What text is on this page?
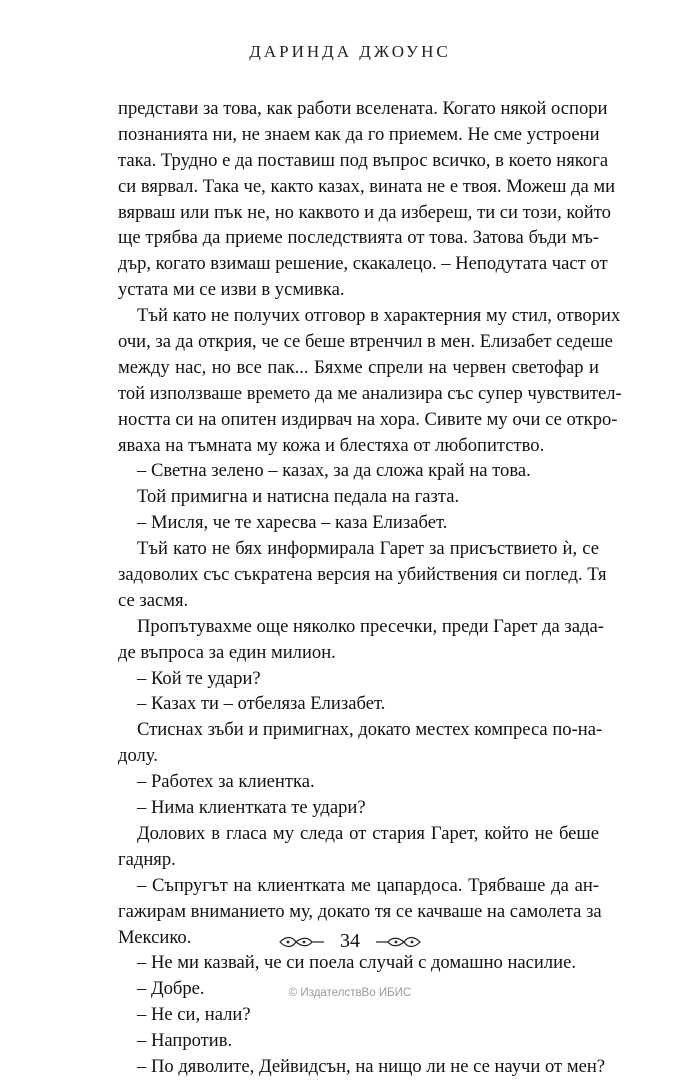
ДАРИНДА ДЖОУНС
представи за това, как работи вселената. Когато някой оспори
познанията ни, не знаем как да го приемем. Не сме устроени
така. Трудно е да поставиш под въпрос всичко, в което някога
си вярвал. Така че, както казах, вината не е твоя. Можеш да ми
вярваш или пък не, но каквото и да избереш, ти си този, който
ще трябва да приеме последствията от това. Затова бъди мъ-
дър, когато взимаш решение, скакалецо. – Неподутата част от
устата ми се изви в усмивка.
Тъй като не получих отговор в характерния му стил, отворих
очи, за да открия, че се беше втренчил в мен. Елизабет седеше
между нас, но все пак... Бяхме спрели на червен светофар и
той използваше времето да ме анализира със супер чувствител-
ността си на опитен издирвач на хора. Сивите му очи се откро-
яваха на тъмната му кожа и блестяха от любопитство.
– Светна зелено – казах, за да сложа край на това.
Той примигна и натисна педала на газта.
– Мисля, че те харесва – каза Елизабет.
Тъй като не бях информирала Гарет за присъствието ѝ, се
задоволих със съкратена версия на убийствения си поглед. Тя
се засмя.
Пропътувахме още няколко пресечки, преди Гарет да зада-
де въпроса за един милион.
– Кой те удари?
– Казах ти – отбеляза Елизабет.
Стиснах зъби и примигнах, докато местех компреса по-на-
долу.
– Работех за клиентка.
– Нима клиентката те удари?
Долових в гласа му следа от стария Гарет, който не беше
гадняр.
– Съпругът на клиентката ме цапардоса. Трябваше да ан-
гажирам вниманието му, докато тя се качваше на самолета за
Мексико.
– Не ми казвай, че си поела случай с домашно насилие.
– Добре.
– Не си, нали?
– Напротив.
– По дяволите, Дейвидсън, на нищо ли не се научи от мен?
34
© ИздателствВо ИБИС
